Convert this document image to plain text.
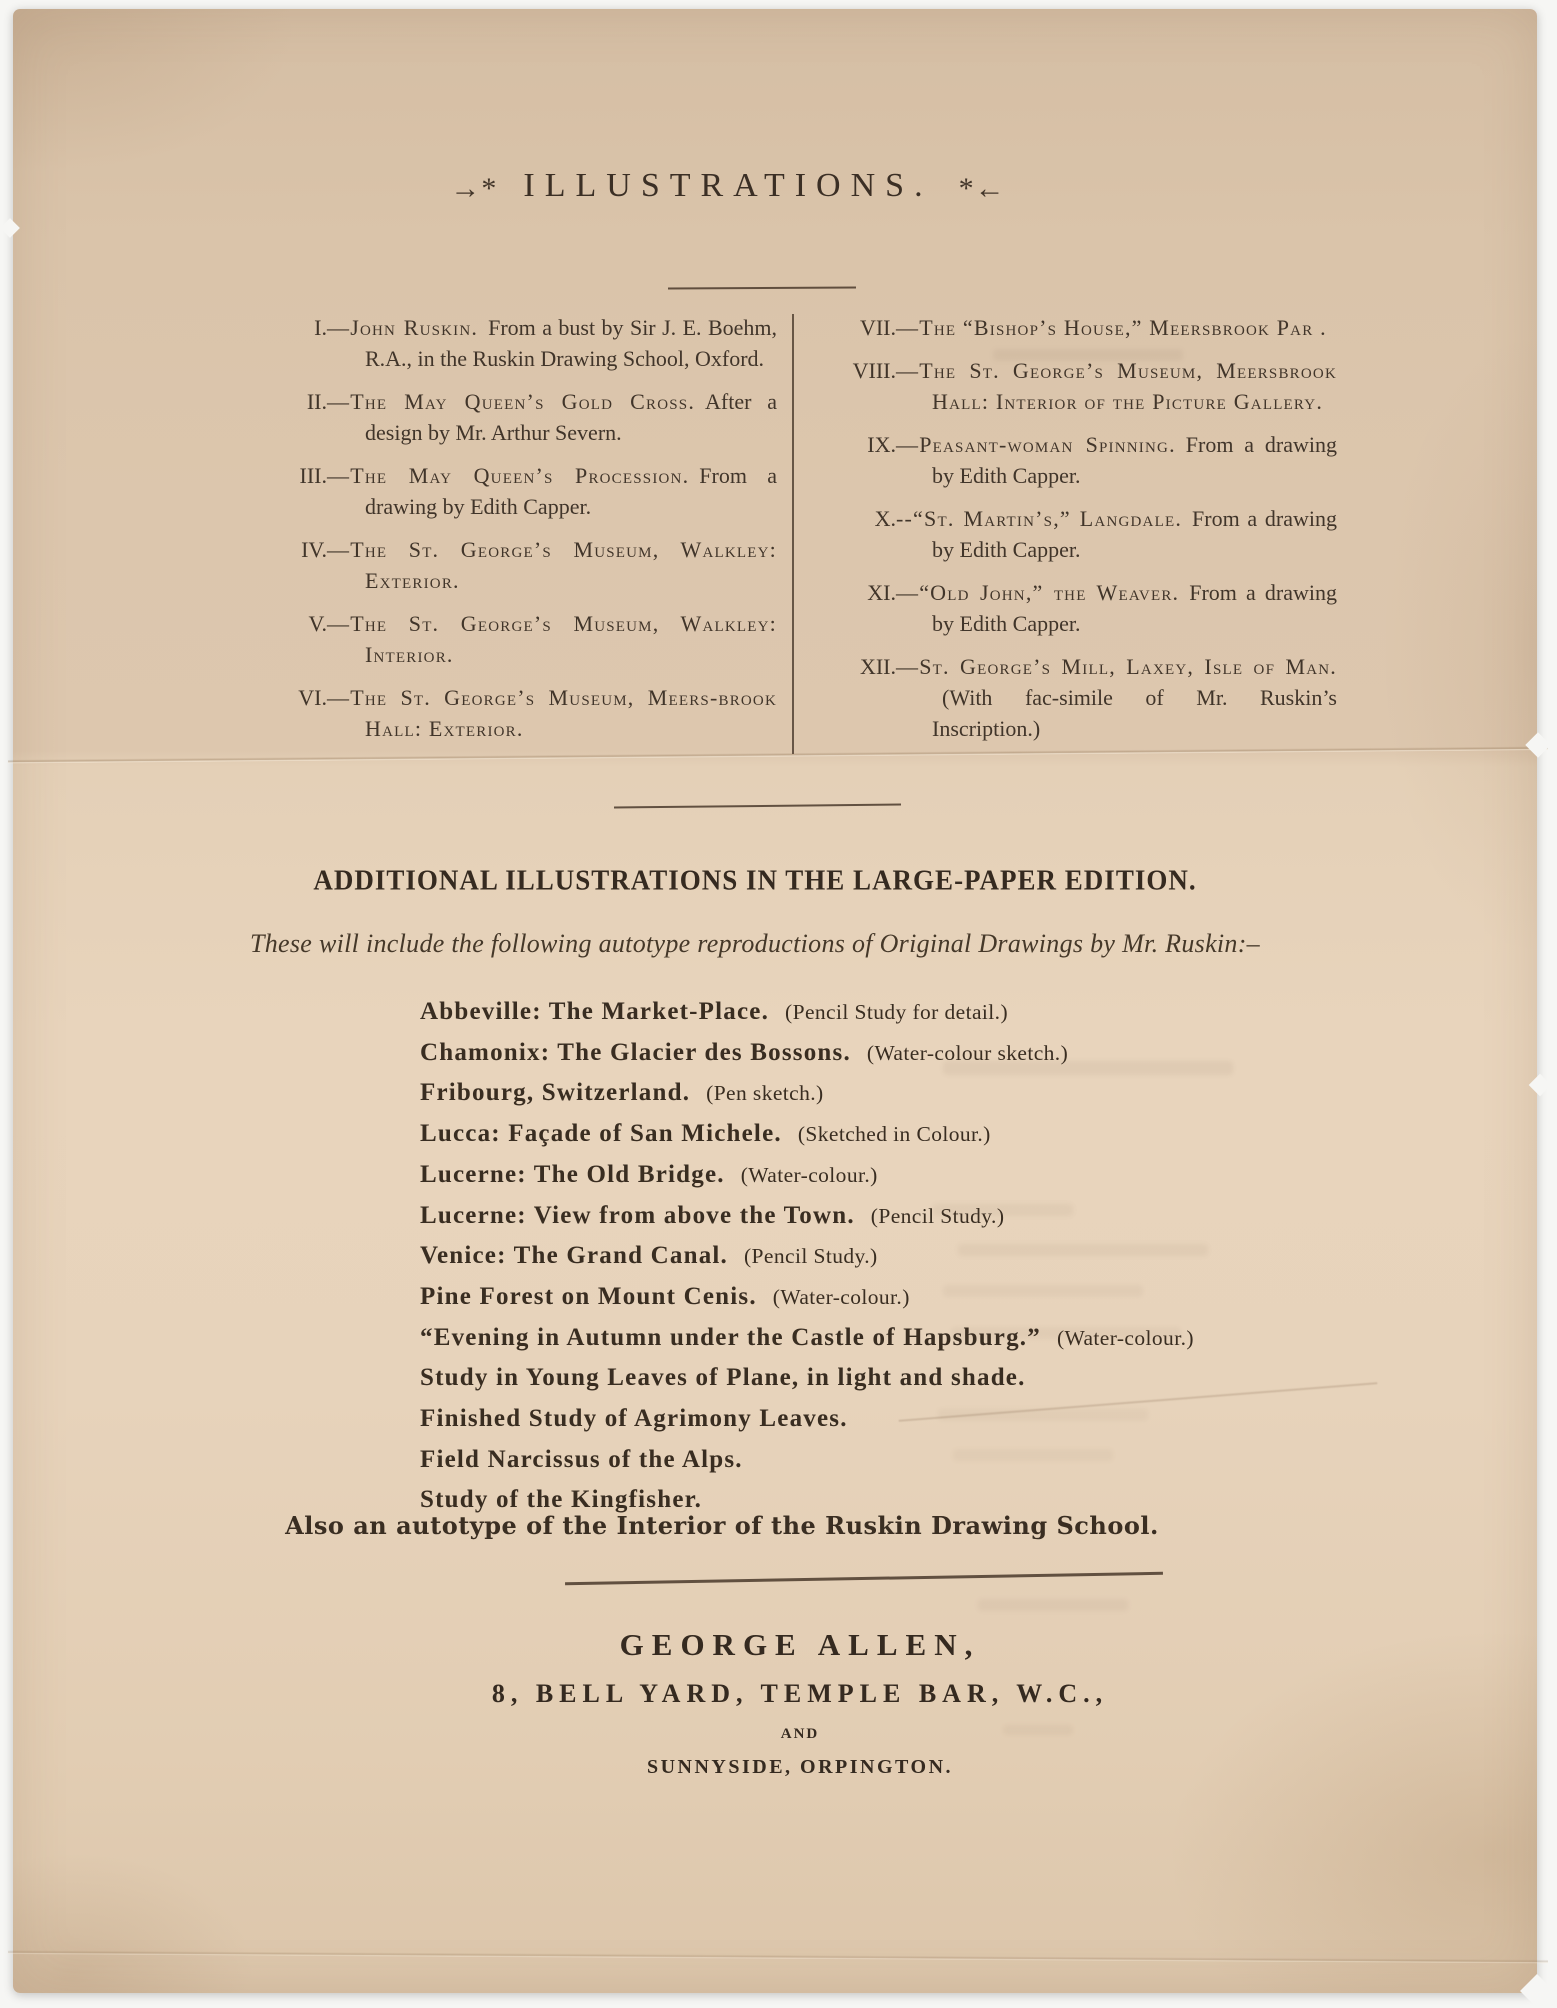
→* ILLUSTRATIONS. *←
I.—John Ruskin. From a bust by Sir J. E. Boehm, R.A., in the Ruskin Drawing School, Oxford.
II.—The May Queen’s Gold Cross. After a design by Mr. Arthur Severn.
III.—The May Queen’s Procession. From a drawing by Edith Capper.
IV.—The St. George’s Museum, Walkley: Exterior.
V.—The St. George’s Museum, Walkley: Interior.
VI.—The St. George’s Museum, Meers-brook Hall: Exterior.
VII.—The “Bishop’s House,” Meersbrook Par .
VIII.—The St. George’s Museum, Meersbrook Hall: Interior of the Picture Gallery.
IX.—Peasant-woman Spinning. From a drawing by Edith Capper.
X.--“St. Martin’s,” Langdale. From a drawing by Edith Capper.
XI.—“Old John,” the Weaver. From a drawing by Edith Capper.
XII.—St. George’s Mill, Laxey, Isle of Man.(With fac-simile of Mr. Ruskin’s Inscription.)
ADDITIONAL ILLUSTRATIONS IN THE LARGE-PAPER EDITION.
These will include the following autotype reproductions of Original Drawings by Mr. Ruskin:–
Abbeville: The Market-Place. (Pencil Study for detail.)
Chamonix: The Glacier des Bossons. (Water-colour sketch.)
Fribourg, Switzerland. (Pen sketch.)
Lucca: Façade of San Michele. (Sketched in Colour.)
Lucerne: The Old Bridge. (Water-colour.)
Lucerne: View from above the Town. (Pencil Study.)
Venice: The Grand Canal. (Pencil Study.)
Pine Forest on Mount Cenis. (Water-colour.)
“Evening in Autumn under the Castle of Hapsburg.” (Water-colour.)
Study in Young Leaves of Plane, in light and shade.
Finished Study of Agrimony Leaves.
Field Narcissus of the Alps.
Study of the Kingfisher.
Also an autotype of the Interior of the Ruskin Drawing School.
GEORGE ALLEN,
8, BELL YARD, TEMPLE BAR, W.C.,
AND
SUNNYSIDE, ORPINGTON.
